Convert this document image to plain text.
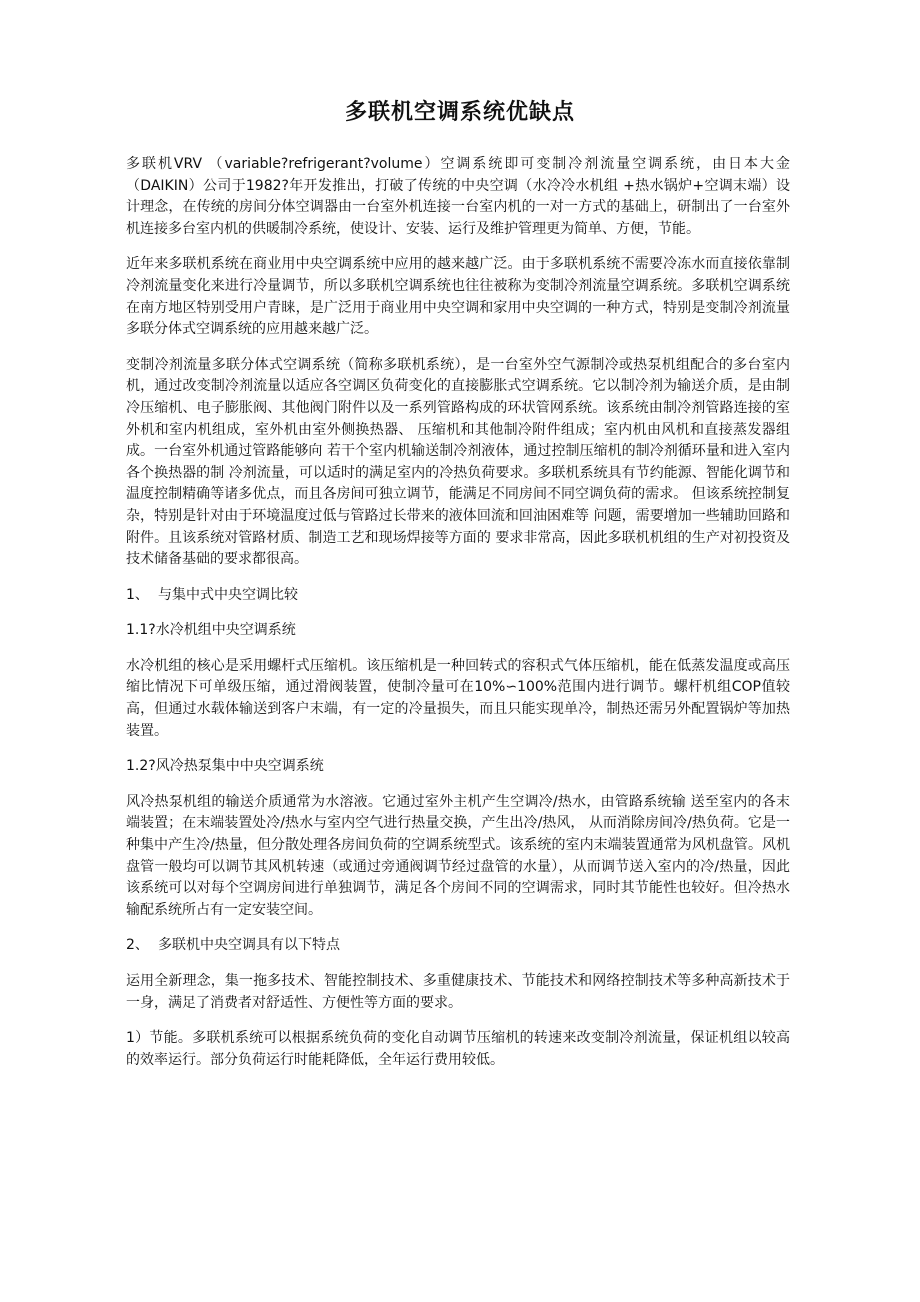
多联机空调系统优缺点

多联机VRV （variable?refrigerant?volume）空调系统即可变制冷剂流量空调系统，由日本大金（DAIKIN）公司于1982?年开发推出，打破了传统的中央空调（水冷冷水机组 +热水锅炉+空调末端）设计理念，在传统的房间分体空调器由一台室外机连接一台室内机的一对一方式的基础上，研制出了一台室外机连接多台室内机的供暖制冷系统，使设计、安装、运行及维护管理更为简单、方便，节能。

近年来多联机系统在商业用中央空调系统中应用的越来越广泛。由于多联机系统不需要冷冻水而直接依靠制冷剂流量变化来进行冷量调节，所以多联机空调系统也往往被称为变制冷剂流量空调系统。多联机空调系统在南方地区特别受用户青睐，是广泛用于商业用中央空调和家用中央空调的一种方式，特别是变制冷剂流量多联分体式空调系统的应用越来越广泛。

变制冷剂流量多联分体式空调系统（简称多联机系统），是一台室外空气源制冷或热泵机组配合的多台室内机，通过改变制冷剂流量以适应各空调区负荷变化的直接膨胀式空调系统。它以制冷剂为输送介质，是由制冷压缩机、电子膨胀阀、其他阀门附件以及一系列管路构成的环状管网系统。该系统由制冷剂管路连接的室外机和室内机组成，室外机由室外侧换热器、 压缩机和其他制冷附件组成；室内机由风机和直接蒸发器组成。一台室外机通过管路能够向 若干个室内机输送制冷剂液体，通过控制压缩机的制冷剂循环量和进入室内各个换热器的制 冷剂流量，可以适时的满足室内的冷热负荷要求。多联机系统具有节约能源、智能化调节和 温度控制精确等诸多优点，而且各房间可独立调节，能满足不同房间不同空调负荷的需求。 但该系统控制复杂，特别是针对由于环境温度过低与管路过长带来的液体回流和回油困难等 问题，需要增加一些辅助回路和附件。且该系统对管路材质、制造工艺和现场焊接等方面的 要求非常高，因此多联机机组的生产对初投资及技术储备基础的要求都很高。

1、 与集中式中央空调比较
1.1?水冷机组中央空调系统

水冷机组的核心是采用螺杆式压缩机。该压缩机是一种回转式的容积式气体压缩机，能在低蒸发温度或高压缩比情况下可单级压缩，通过滑阀装置，使制冷量可在10%∽100%范围内进行调节。螺杆机组COP值较高，但通过水载体输送到客户末端，有一定的冷量损失，而且只能实现单冷，制热还需另外配置锅炉等加热装置。

1.2?风冷热泵集中中央空调系统

风冷热泵机组的输送介质通常为水溶液。它通过室外主机产生空调冷/热水，由管路系统输 送至室内的各末端装置；在末端装置处冷/热水与室内空气进行热量交换，产生出冷/热风， 从而消除房间冷/热负荷。它是一种集中产生冷/热量，但分散处理各房间负荷的空调系统型式。该系统的室内末端装置通常为风机盘管。风机盘管一般均可以调节其风机转速（或通过旁通阀调节经过盘管的水量），从而调节送入室内的冷/热量，因此该系统可以对每个空调房间进行单独调节，满足各个房间不同的空调需求，同时其节能性也较好。但冷热水输配系统所占有一定安装空间。

2、 多联机中央空调具有以下特点

运用全新理念，集一拖多技术、智能控制技术、多重健康技术、节能技术和网络控制技术等多种高新技术于一身，满足了消费者对舒适性、方便性等方面的要求。

1）节能。多联机系统可以根据系统负荷的变化自动调节压缩机的转速来改变制冷剂流量，保证机组以较高的效率运行。部分负荷运行时能耗降低，全年运行费用较低。
